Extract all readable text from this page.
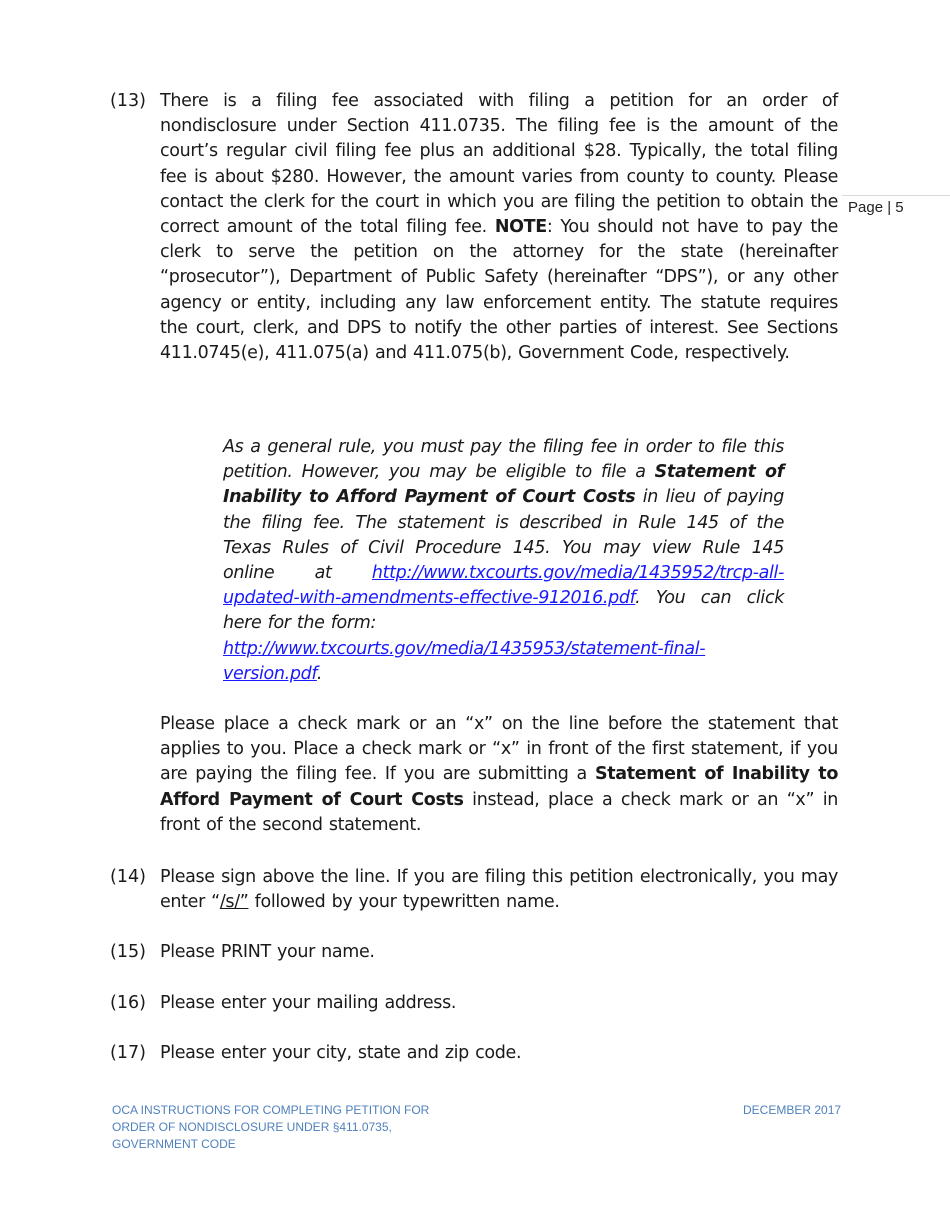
Page | 5
(13) There is a filing fee associated with filing a petition for an order of nondisclosure under Section 411.0735. The filing fee is the amount of the court’s regular civil filing fee plus an additional $28. Typically, the total filing fee is about $280. However, the amount varies from county to county. Please contact the clerk for the court in which you are filing the petition to obtain the correct amount of the total filing fee. NOTE: You should not have to pay the clerk to serve the petition on the attorney for the state (hereinafter “prosecutor”), Department of Public Safety (hereinafter “DPS”), or any other agency or entity, including any law enforcement entity. The statute requires the court, clerk, and DPS to notify the other parties of interest. See Sections 411.0745(e), 411.075(a) and 411.075(b), Government Code, respectively.

As a general rule, you must pay the filing fee in order to file this petition. However, you may be eligible to file a Statement of Inability to Afford Payment of Court Costs in lieu of paying the filing fee. The statement is described in Rule 145 of the Texas Rules of Civil Procedure 145. You may view Rule 145 online at http://www.txcourts.gov/media/1435952/trcp-all-updated-with-amendments-effective-912016.pdf. You can click here for the form:

http://www.txcourts.gov/media/1435953/statement-final-version.pdf.

Please place a check mark or an “x” on the line before the statement that applies to you. Place a check mark or “x” in front of the first statement, if you are paying the filing fee. If you are submitting a Statement of Inability to Afford Payment of Court Costs instead, place a check mark or an “x” in front of the second statement.

(14) Please sign above the line. If you are filing this petition electronically, you may enter “/s/” followed by your typewritten name.
(15) Please PRINT your name.
(16) Please enter your mailing address.
(17) Please enter your city, state and zip code.
OCA INSTRUCTIONS FOR COMPLETING PETITION FOR ORDER OF NONDISCLOSURE UNDER §411.0735, GOVERNMENT CODE
DECEMBER 2017
